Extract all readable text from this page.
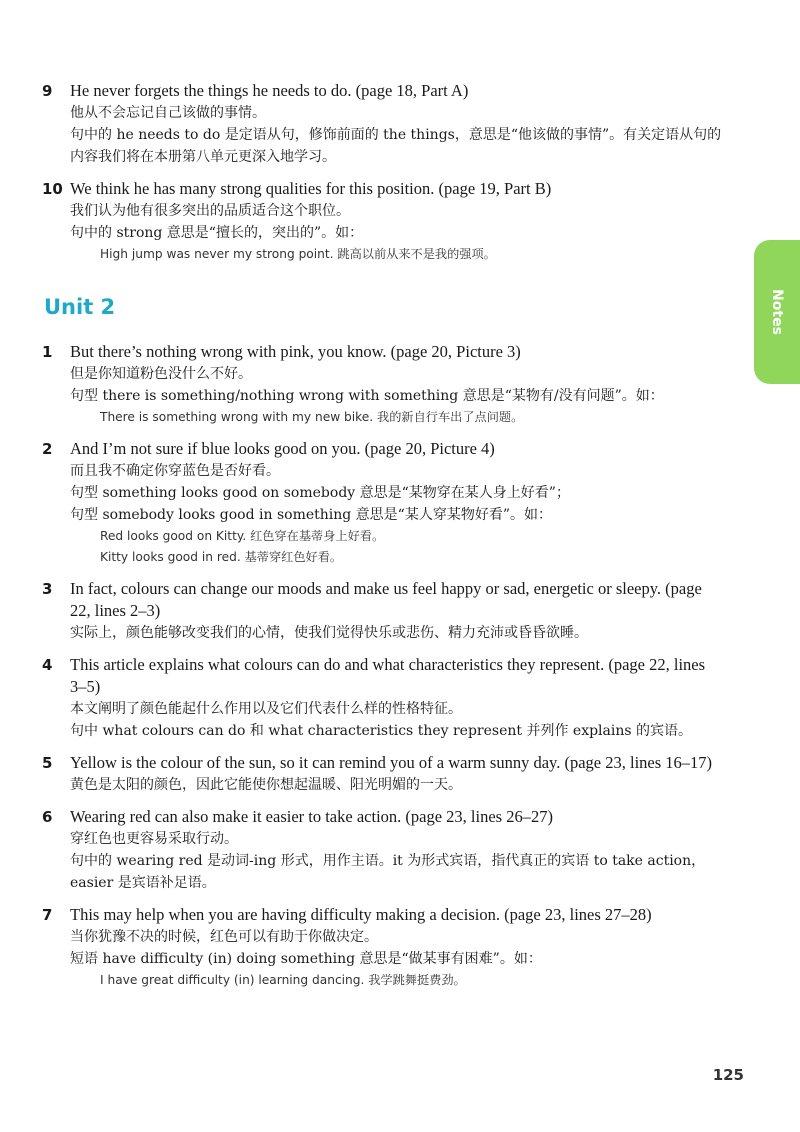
9	He never forgets the things he needs to do. (page 18, Part A)

他从不会忘记自己该做的事情。

句中的 he needs to do 是定语从句，修饰前面的 the things，意思是“他该做的事情”。有关定语从句的内容我们将在本册第八单元更深入地学习。

10 We think he has many strong qualities for this position. (page 19, Part B)

我们认为他有很多突出的品质适合这个职位。

句中的 strong 意思是“擅长的，突出的”。如：

High jump was never my strong point. 跳高以前从来不是我的强项。

Unit 2
1	But there’s nothing wrong with pink, you know. (page 20, Picture 3)

但是你知道粉色没什么不好。

句型 there is something/nothing wrong with something 意思是“某物有/没有问题”。如：

There is something wrong with my new bike. 我的新自行车出了点问题。

2	And I’m not sure if blue looks good on you. (page 20, Picture 4)

而且我不确定你穿蓝色是否好看。

句型 something looks good on somebody 意思是“某物穿在某人身上好看”；

句型 somebody looks good in something 意思是“某人穿某物好看”。如：

Red looks good on Kitty. 红色穿在基蒂身上好看。

Kitty looks good in red. 基蒂穿红色好看。

3	In fact, colours can change our moods and make us feel happy or sad, energetic or sleepy. (page 22, lines 2–3)

实际上，颜色能够改变我们的心情，使我们觉得快乐或悲伤、精力充沛或昏昏欲睡。

4	This article explains what colours can do and what characteristics they represent. (page 22, lines 3–5)

本文阐明了颜色能起什么作用以及它们代表什么样的性格特征。

句中 what colours can do 和 what characteristics they represent 并列作 explains 的宾语。

5	Yellow is the colour of the sun, so it can remind you of a warm sunny day. (page 23, lines 16–17)

黄色是太阳的颜色，因此它能使你想起温暖、阳光明媚的一天。

6	Wearing red can also make it easier to take action. (page 23, lines 26–27)

穿红色也更容易采取行动。

句中的 wearing red 是动词-ing 形式，用作主语。it 为形式宾语，指代真正的宾语 to take action，easier 是宾语补足语。

7	This may help when you are having difficulty making a decision. (page 23, lines 27–28)

当你犹豫不决的时候，红色可以有助于你做决定。

短语 have difficulty (in) doing something 意思是“做某事有困难”。如：

I have great difficulty (in) learning dancing. 我学跳舞挺费劲。

Notes
125
